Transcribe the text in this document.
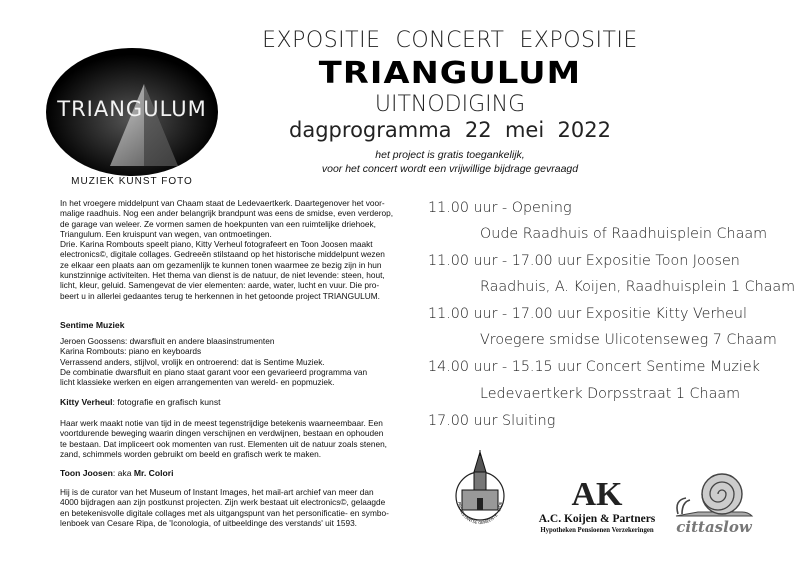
TRIANGULUM
MUZIEK KUNST FOTO
EXPOSITIE  CONCERT  EXPOSITIE
TRIANGULUM
UITNODIGING
dagprogramma  22  mei  2022
het project is gratis toegankelijk,
voor het concert wordt een vrijwillige bijdrage gevraagd
In het vroegere middelpunt van Chaam staat de Ledevaertkerk. Daartegenover het voor-
malige raadhuis. Nog een ander belangrijk brandpunt was eens de smidse, even verderop,
de garage van weleer. Ze vormen samen de hoekpunten van een ruimtelijke driehoek,
Triangulum. Een kruispunt van wegen, van ontmoetingen.
Drie. Karina Rombouts speelt piano, Kitty Verheul fotografeert en Toon Joosen maakt
electronics©, digitale collages. Gedreeën stilstaand op het historische middelpunt wezen
ze elkaar een plaats aan om gezamenlijk te kunnen tonen waarmee ze bezig zijn in hun
kunstzinnige activiteiten. Het thema van dienst is de natuur, de niet levende: steen, hout,
licht, kleur, geluid. Samengevat de vier elementen: aarde, water, lucht en vuur. Die pro-
beert u in allerlei gedaantes terug te herkennen in het getoonde project TRIANGULUM.
Sentime Muziek
Jeroen Goossens: dwarsfluit en andere blaasinstrumenten
Karina Rombouts: piano en keyboards
Verrassend anders, stijlvol, vrolijk en ontroerend: dat is Sentime Muziek.
De combinatie dwarsfluit en piano staat garant voor een gevarieerd programma van
licht klassieke werken en eigen arrangementen van wereld- en popmuziek.
Kitty Verheul: fotografie en grafisch kunst
Haar werk maakt notie van tijd in de meest tegenstrijdige betekenis waarneembaar. Een
voortdurende beweging waarin dingen verschijnen en verdwijnen, bestaan en ophouden
te bestaan. Dat impliceert ook momenten van rust. Elementen uit de natuur zoals stenen,
zand, schimmels worden gebruikt om beeld en grafisch werk te maken.
Toon Joosen: aka Mr. Colori
Hij is de curator van het Museum of Instant Images, het mail-art archief van meer dan
4000 bijdragen aan zijn postkunst projecten. Zijn werk bestaat uit electronics©, gelaagde
en betekenisvolle digitale collages met als uitgangspunt van het personificatie- en symbo-
lenboek van Cesare Ripa, de 'Iconologia, of uitbeeldinge des verstands' uit 1593.
11.00 uur - Opening
Oude Raadhuis of Raadhuisplein Chaam
11.00 uur - 17.00 uur Expositie Toon Joosen
Raadhuis, A. Koijen, Raadhuisplein 1 Chaam
11.00 uur - 17.00 uur Expositie Kitty Verheul
Vroegere smidse Ulicotenseweg 7 Chaam
14.00 uur - 15.15 uur Concert Sentime Muziek
Ledevaertkerk Dorpsstraat 1 Chaam
17.00 uur Sluiting
PROTESTANTSE GEMEENTE · LEDE	AK
A.C. Koijen & Partners
Hypotheken Pensioenen Verzekeringen	cittaslow
